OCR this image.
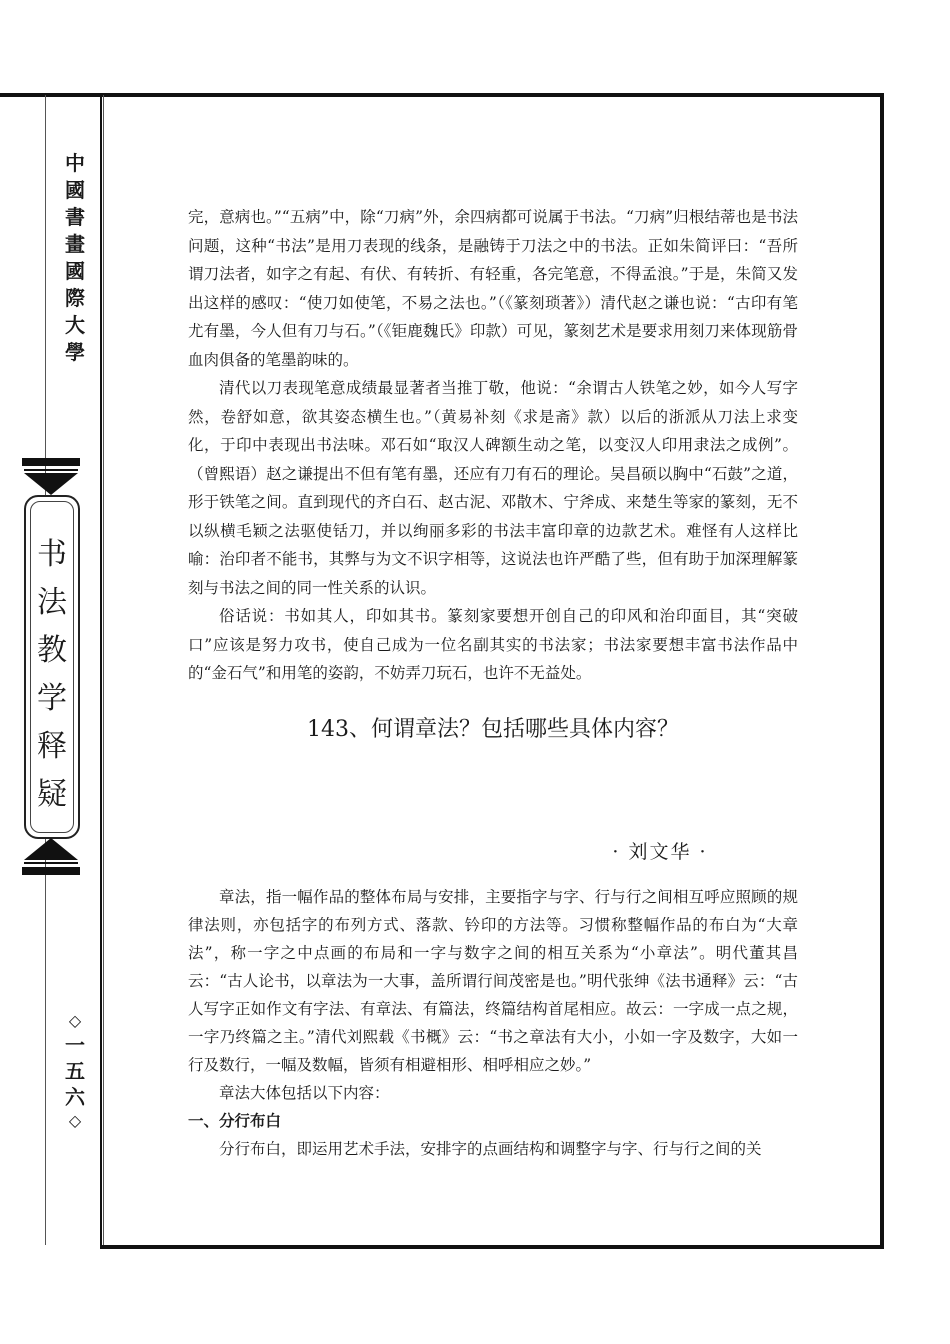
中
國
書
畫
國
際
大
學
书
法
教
学
释
疑
◇
一
五
六
◇

完，意病也。”“五病”中，除“刀病”外，余四病都可说属于书法。“刀病”归根结蒂也是书法问题，这种“书法”是用刀表现的线条，是融铸于刀法之中的书法。正如朱简评曰：“吾所谓刀法者，如字之有起、有伏、有转折、有轻重，各完笔意，不得孟浪。”于是，朱简又发出这样的感叹：“使刀如使笔，不易之法也。”（《篆刻琐著》）清代赵之谦也说：“古印有笔尤有墨，今人但有刀与石。”（《钜鹿魏氏》印款）可见，篆刻艺术是要求用刻刀来体现筋骨血肉俱备的笔墨韵味的。

清代以刀表现笔意成绩最显著者当推丁敬，他说：“余谓古人铁笔之妙，如今人写字然，卷舒如意，欲其姿态横生也。”（黄易补刻《求是斋》款）以后的浙派从刀法上求变化，于印中表现出书法味。邓石如“取汉人碑额生动之笔，以变汉人印用隶法之成例”。（曾熙语）赵之谦提出不但有笔有墨，还应有刀有石的理论。吴昌硕以胸中“石鼓”之道，形于铁笔之间。直到现代的齐白石、赵古泥、邓散木、宁斧成、来楚生等家的篆刻，无不以纵横毛颖之法驱使铦刀，并以绚丽多彩的书法丰富印章的边款艺术。难怪有人这样比喻：治印者不能书，其弊与为文不识字相等，这说法也许严酷了些，但有助于加深理解篆刻与书法之间的同一性关系的认识。

俗话说：书如其人，印如其书。篆刻家要想开创自己的印风和治印面目，其“突破口”应该是努力攻书，使自己成为一位名副其实的书法家；书法家要想丰富书法作品中的“金石气”和用笔的姿韵，不妨弄刀玩石，也许不无益处。

143、何谓章法？包括哪些具体内容？
· 刘文华 ·

章法，指一幅作品的整体布局与安排，主要指字与字、行与行之间相互呼应照顾的规律法则，亦包括字的布列方式、落款、钤印的方法等。习惯称整幅作品的布白为“大章法”，称一字之中点画的布局和一字与数字之间的相互关系为“小章法”。明代董其昌云：“古人论书，以章法为一大事，盖所谓行间茂密是也。”明代张绅《法书通释》云：“古人写字正如作文有字法、有章法、有篇法，终篇结构首尾相应。故云：一字成一点之规，一字乃终篇之主。”清代刘熙载《书概》云：“书之章法有大小，小如一字及数字，大如一行及数行，一幅及数幅，皆须有相避相形、相呼相应之妙。”

章法大体包括以下内容：

一、分行布白

分行布白，即运用艺术手法，安排字的点画结构和调整字与字、行与行之间的关
